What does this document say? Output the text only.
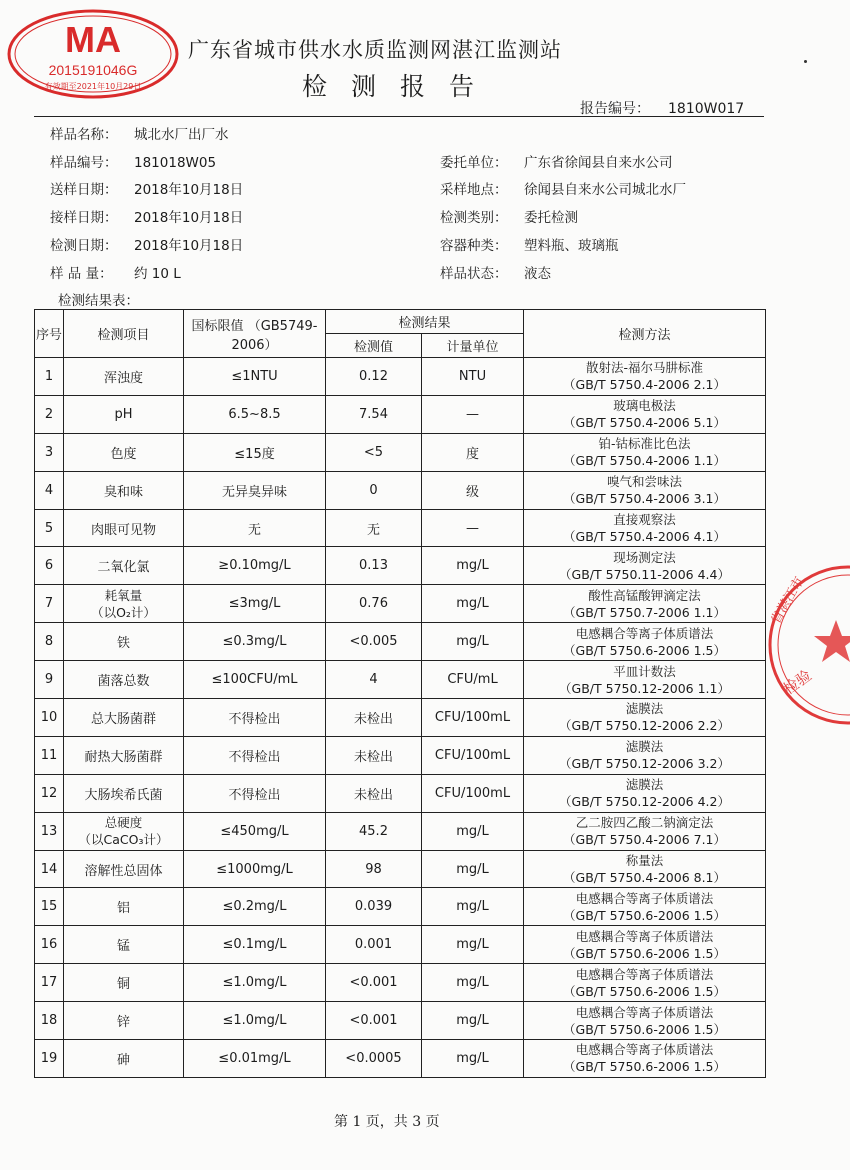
MA
2015191046G
有效期至2021年10月29日
检验
省湛江市
广东省城市供水水质监测网湛江监测站
检测报告
报告编号： 1810W017
样品名称： 城北水厂出厂水
样品编号： 181018W05	委托单位： 广东省徐闻县自来水公司
送样日期： 2018年10月18日	采样地点： 徐闻县自来水公司城北水厂
接样日期： 2018年10月18日	检测类别： 委托检测
检测日期： 2018年10月18日	容器种类： 塑料瓶、玻璃瓶
样 品 量： 约 10 L	样品状态： 液态
检测结果表：
序号	检测项目	国标限值 （GB5749-2006）	检测结果		检测方法
			检测值	计量单位	
1	浑浊度	≤1NTU	0.12	NTU	散射法-福尔马肼标准
（GB/T 5750.4-2006 2.1）

2	pH	6.5~8.5	7.54	—	玻璃电极法
（GB/T 5750.4-2006 5.1）

3	色度	≤15度	<5	度	铂-钴标准比色法
（GB/T 5750.4-2006 1.1）

4	臭和味	无异臭异味	0	级	嗅气和尝味法
（GB/T 5750.4-2006 3.1）

5	肉眼可见物	无	无	—	直接观察法
（GB/T 5750.4-2006 4.1）

6	二氧化氯	≥0.10mg/L	0.13	mg/L	现场测定法
（GB/T 5750.11-2006 4.4）

7	耗氧量
（以O₂计）	≤3mg/L	0.76	mg/L	酸性高锰酸钾滴定法
（GB/T 5750.7-2006 1.1）

8	铁	≤0.3mg/L	<0.005	mg/L	电感耦合等离子体质谱法
（GB/T 5750.6-2006 1.5）

9	菌落总数	≤100CFU/mL	4	CFU/mL	平皿计数法
（GB/T 5750.12-2006 1.1）

10	总大肠菌群	不得检出	未检出	CFU/100mL	滤膜法
（GB/T 5750.12-2006 2.2）

11	耐热大肠菌群	不得检出	未检出	CFU/100mL	滤膜法
（GB/T 5750.12-2006 3.2）

12	大肠埃希氏菌	不得检出	未检出	CFU/100mL	滤膜法
（GB/T 5750.12-2006 4.2）

13	总硬度
（以CaCO₃计）	≤450mg/L	45.2	mg/L	乙二胺四乙酸二钠滴定法
（GB/T 5750.4-2006 7.1）

14	溶解性总固体	≤1000mg/L	98	mg/L	称量法
（GB/T 5750.4-2006 8.1）

15	铝	≤0.2mg/L	0.039	mg/L	电感耦合等离子体质谱法
（GB/T 5750.6-2006 1.5）

16	锰	≤0.1mg/L	0.001	mg/L	电感耦合等离子体质谱法
（GB/T 5750.6-2006 1.5）

17	铜	≤1.0mg/L	<0.001	mg/L	电感耦合等离子体质谱法
（GB/T 5750.6-2006 1.5）

18	锌	≤1.0mg/L	<0.001	mg/L	电感耦合等离子体质谱法
（GB/T 5750.6-2006 1.5）

19	砷	≤0.01mg/L	<0.0005	mg/L	电感耦合等离子体质谱法
（GB/T 5750.6-2006 1.5）
第 1 页，共 3 页
